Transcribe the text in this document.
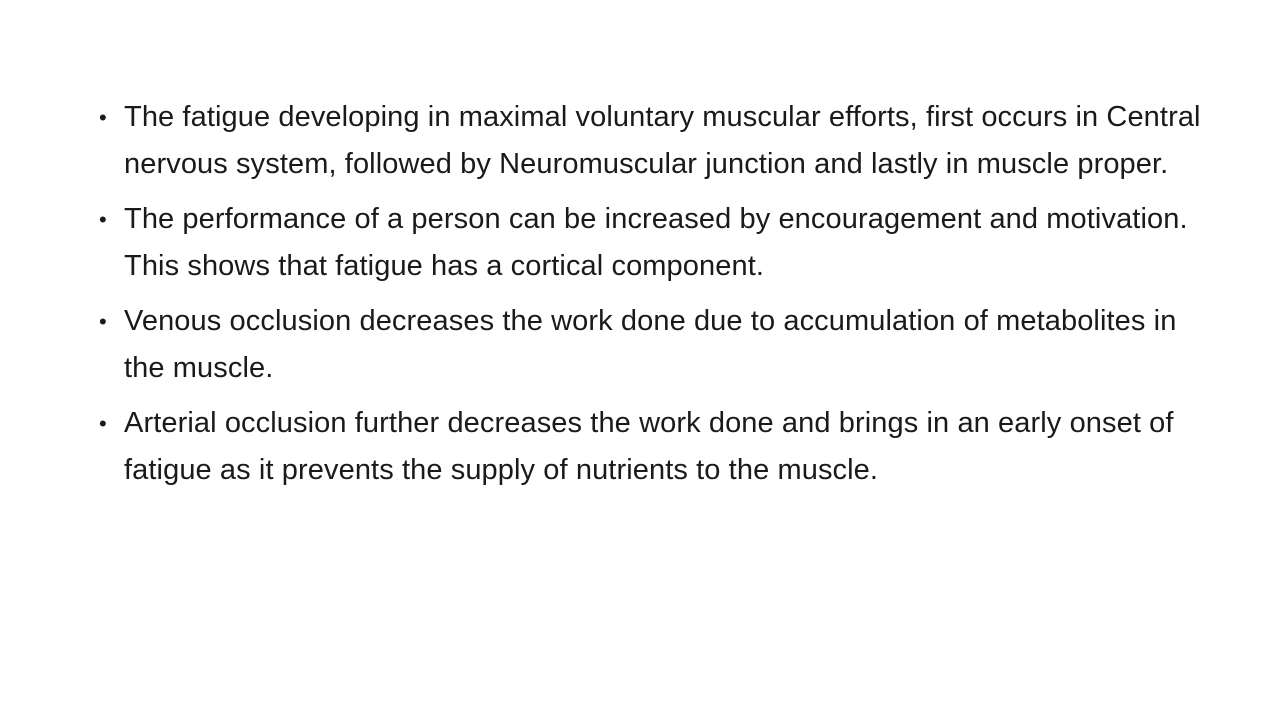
• The fatigue developing in maximal voluntary muscular efforts, first occurs in Central nervous system, followed by Neuromuscular junction and lastly in muscle proper.
• The performance of a person can be increased by encouragement and motivation. This shows that fatigue has a cortical component.
• Venous occlusion decreases the work done due to accumulation of metabolites in the muscle.
• Arterial occlusion further decreases the work done and brings in an early onset of fatigue as it prevents the supply of nutrients to the muscle.
